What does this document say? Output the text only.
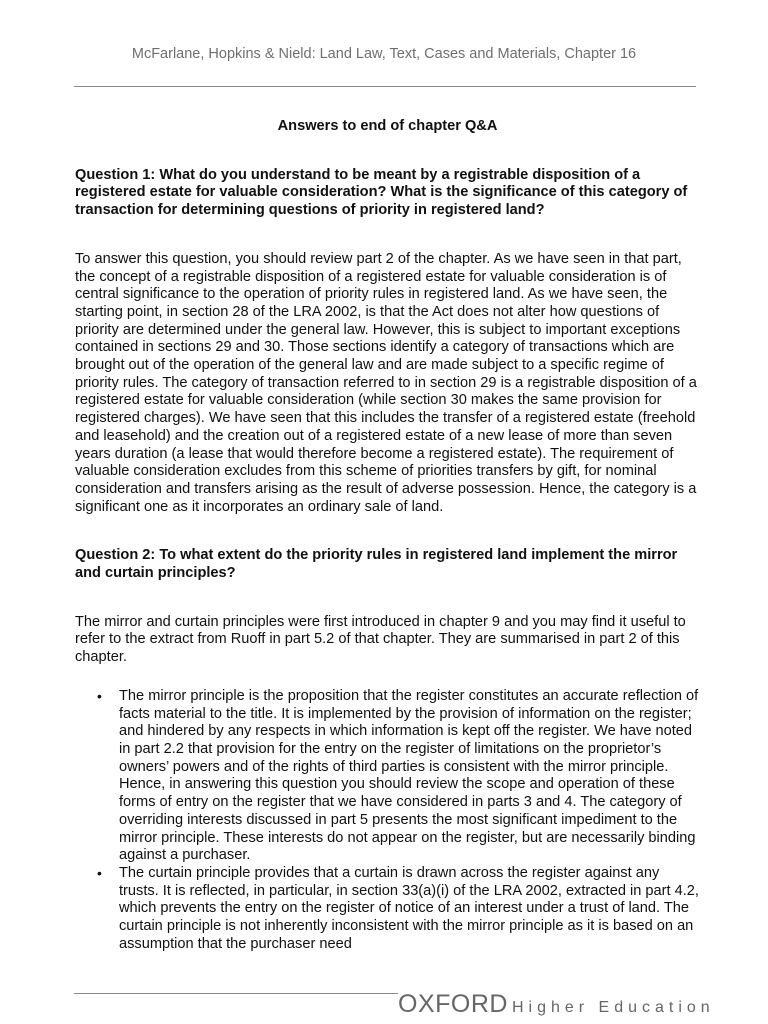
McFarlane, Hopkins & Nield: Land Law, Text, Cases and Materials, Chapter 16
Answers to end of chapter Q&A
Question 1: What do you understand to be meant by a registrable disposition of a registered estate for valuable consideration? What is the significance of this category of transaction for determining questions of priority in registered land?
To answer this question, you should review part 2 of the chapter. As we have seen in that part, the concept of a registrable disposition of a registered estate for valuable consideration is of central significance to the operation of priority rules in registered land. As we have seen, the starting point, in section 28 of the LRA 2002, is that the Act does not alter how questions of priority are determined under the general law. However, this is subject to important exceptions contained in sections 29 and 30. Those sections identify a category of transactions which are brought out of the operation of the general law and are made subject to a specific regime of priority rules. The category of transaction referred to in section 29 is a registrable disposition of a registered estate for valuable consideration (while section 30 makes the same provision for registered charges). We have seen that this includes the transfer of a registered estate (freehold and leasehold) and the creation out of a registered estate of a new lease of more than seven years duration (a lease that would therefore become a registered estate). The requirement of valuable consideration excludes from this scheme of priorities transfers by gift, for nominal consideration and transfers arising as the result of adverse possession. Hence, the category is a significant one as it incorporates an ordinary sale of land.
Question 2: To what extent do the priority rules in registered land implement the mirror and curtain principles?
The mirror and curtain principles were first introduced in chapter 9 and you may find it useful to refer to the extract from Ruoff in part 5.2 of that chapter. They are summarised in part 2 of this chapter.
• The mirror principle is the proposition that the register constitutes an accurate reflection of facts material to the title. It is implemented by the provision of information on the register; and hindered by any respects in which information is kept off the register. We have noted in part 2.2 that provision for the entry on the register of limitations on the proprietor’s owners’ powers and of the rights of third parties is consistent with the mirror principle. Hence, in answering this question you should review the scope and operation of these forms of entry on the register that we have considered in parts 3 and 4. The category of overriding interests discussed in part 5 presents the most significant impediment to the mirror principle. These interests do not appear on the register, but are necessarily binding against a purchaser.
• The curtain principle provides that a curtain is drawn across the register against any trusts. It is reflected, in particular, in section 33(a)(i) of the LRA 2002, extracted in part 4.2, which prevents the entry on the register of notice of an interest under a trust of land. The curtain principle is not inherently inconsistent with the mirror principle as it is based on an assumption that the purchaser need
OXFORD Higher Education
